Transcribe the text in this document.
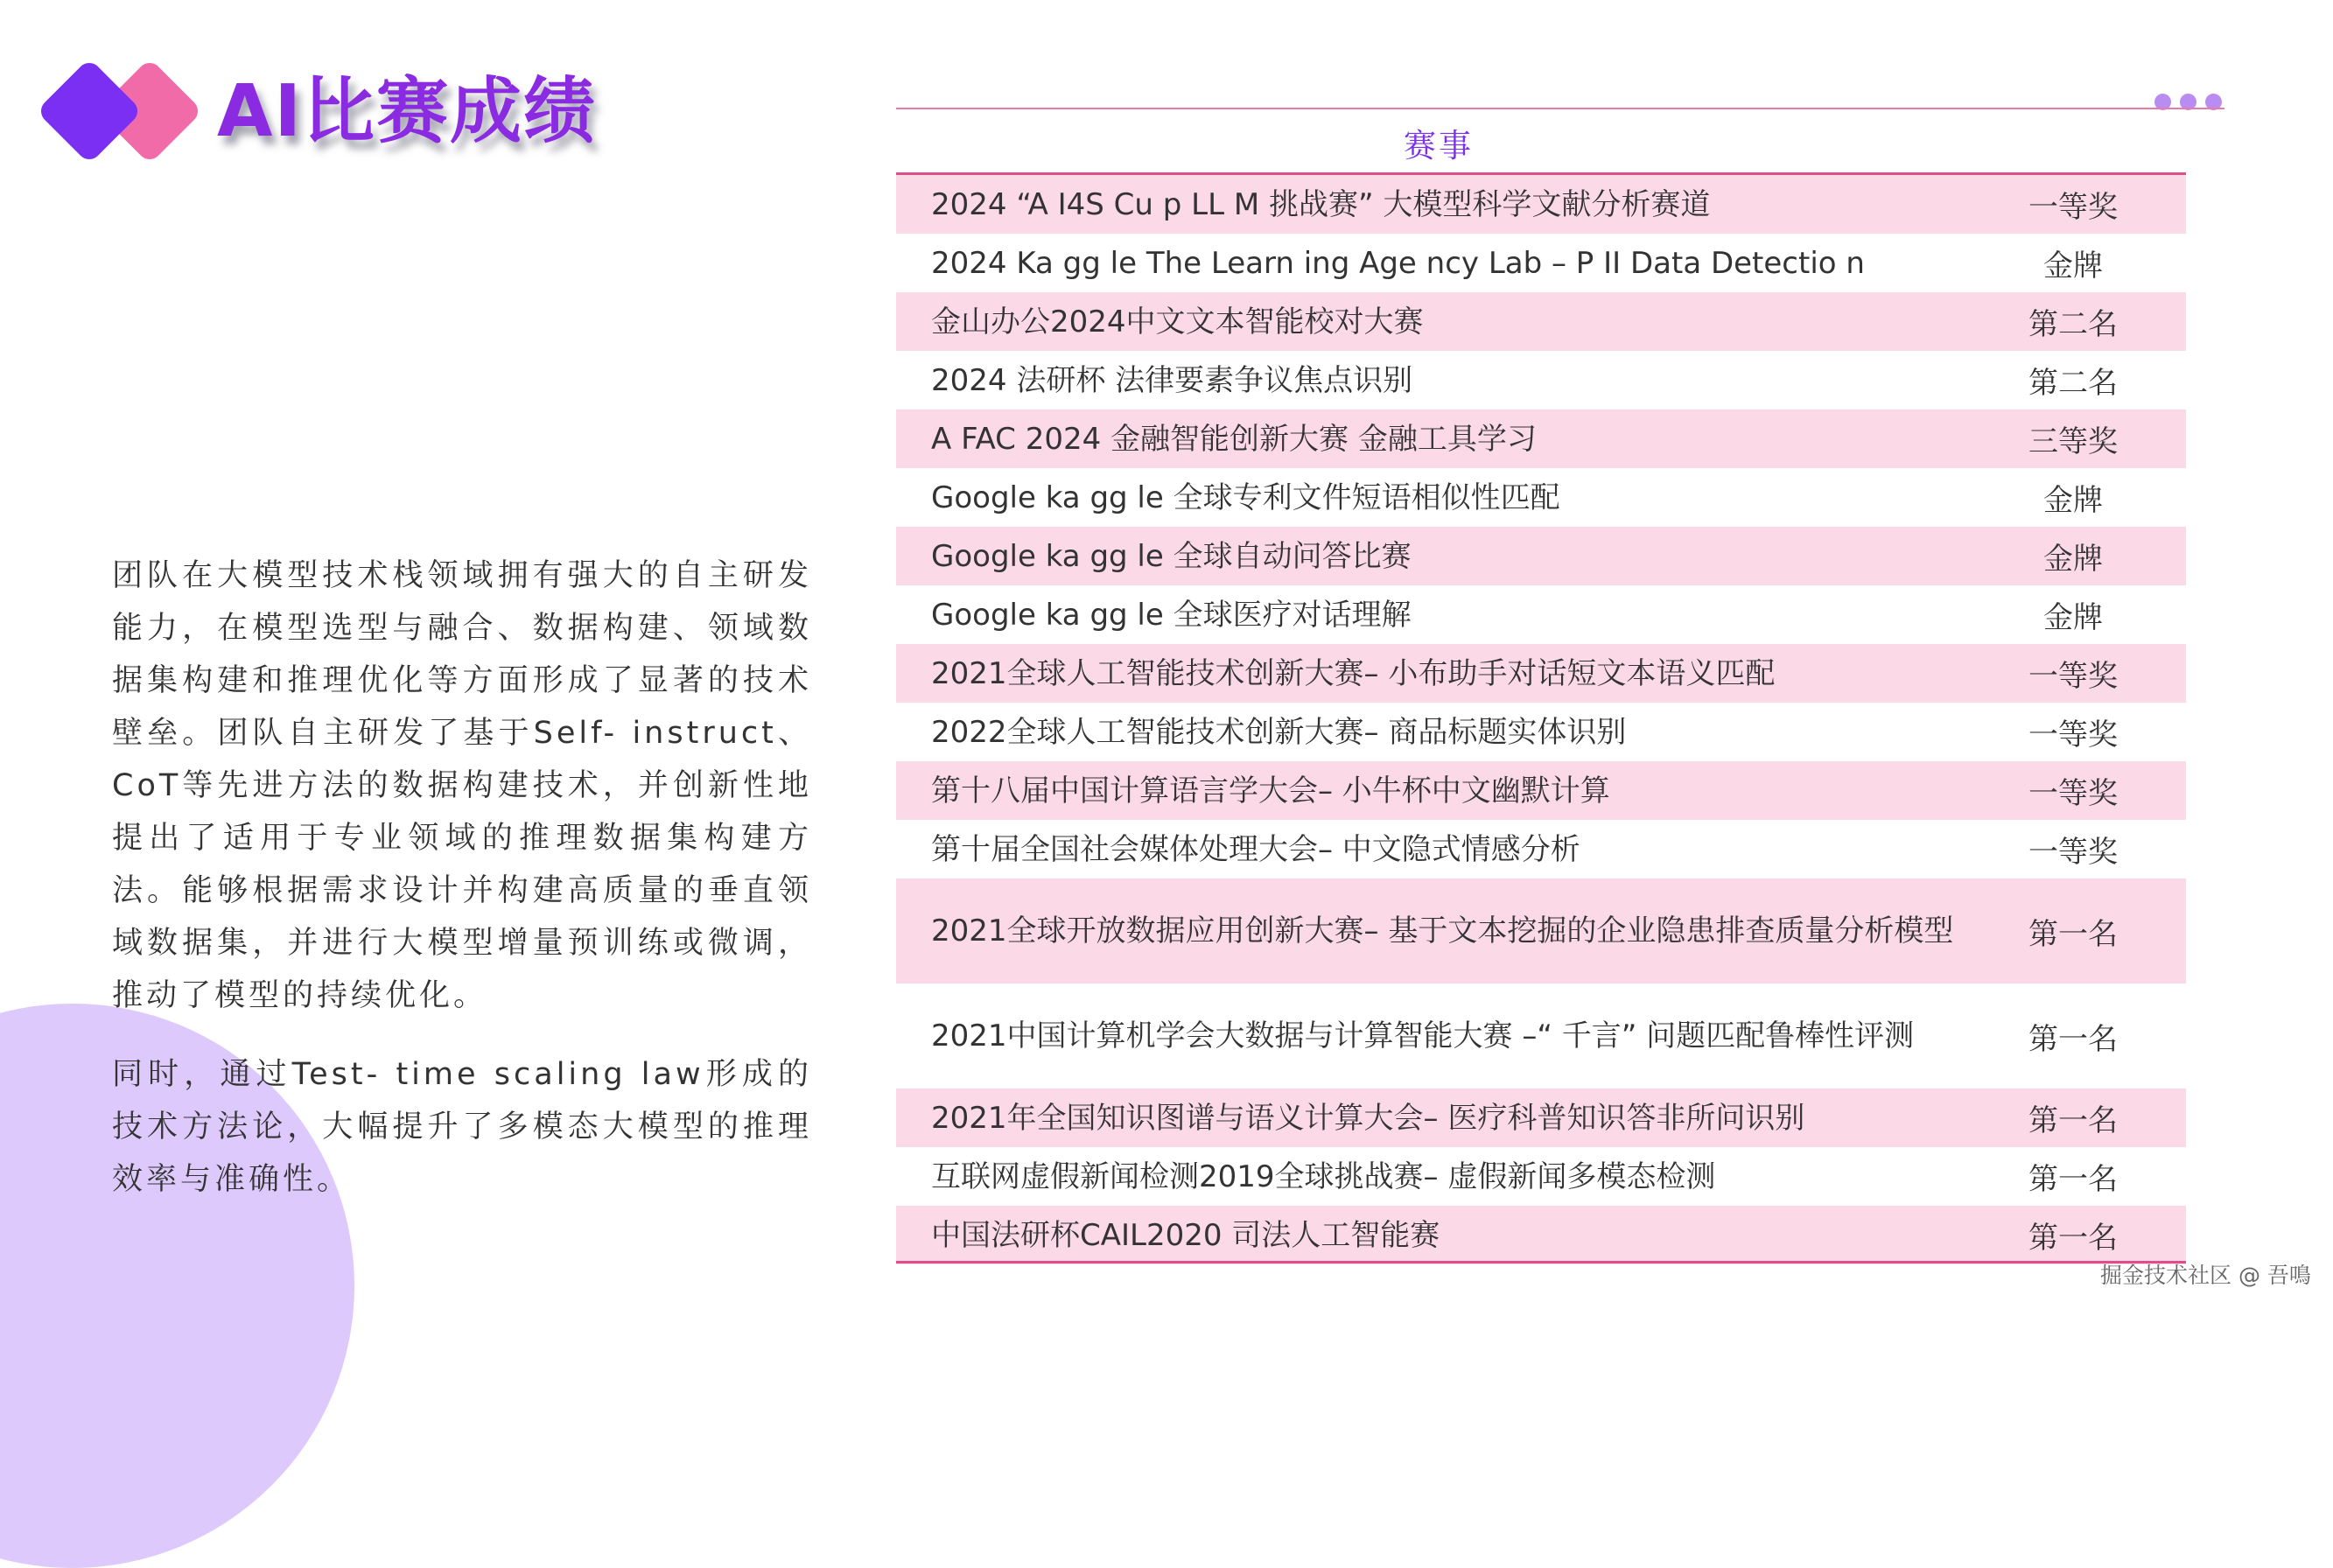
AI比赛成绩
团队在大模型技术栈领域拥有强大的自主研发能力，在模型选型与融合、数据构建、领域数据集构建和推理优化等方面形成了显著的技术壁垒。团队自主研发了基于Self- instruct、CoT等先进方法的数据构建技术，并创新性地提出了适用于专业领域的推理数据集构建方法。能够根据需求设计并构建高质量的垂直领域数据集，并进行大模型增量预训练或微调，推动了模型的持续优化。
同时，通过Test- time scaling law形成的技术方法论，大幅提升了多模态大模型的推理效率与准确性。
赛事
2024 “A I4S Cu p LL M 挑战赛” 大模型科学文献分析赛道	一等奖
2024 Ka gg le The Learn ing Age ncy Lab – P II Data Detectio n	金牌
金山办公2024中文文本智能校对大赛	第二名
2024 法研杯 法律要素争议焦点识别	第二名
A FAC 2024 金融智能创新大赛 金融工具学习	三等奖
Google ka gg le 全球专利文件短语相似性匹配	金牌
Google ka gg le 全球自动问答比赛	金牌
Google ka gg le 全球医疗对话理解	金牌
2021全球人工智能技术创新大赛– 小布助手对话短文本语义匹配	一等奖
2022全球人工智能技术创新大赛– 商品标题实体识别	一等奖
第十八届中国计算语言学大会– 小牛杯中文幽默计算	一等奖
第十届全国社会媒体处理大会– 中文隐式情感分析	一等奖
2021全球开放数据应用创新大赛– 基于文本挖掘的企业隐患排查质量分析模型	第一名
2021中国计算机学会大数据与计算智能大赛 –“ 千言” 问题匹配鲁棒性评测	第一名
2021年全国知识图谱与语义计算大会– 医疗科普知识答非所问识别	第一名
互联网虚假新闻检测2019全球挑战赛– 虚假新闻多模态检测	第一名
中国法研杯CAIL2020 司法人工智能赛	第一名
掘金技术社区 @ 吾鳴
